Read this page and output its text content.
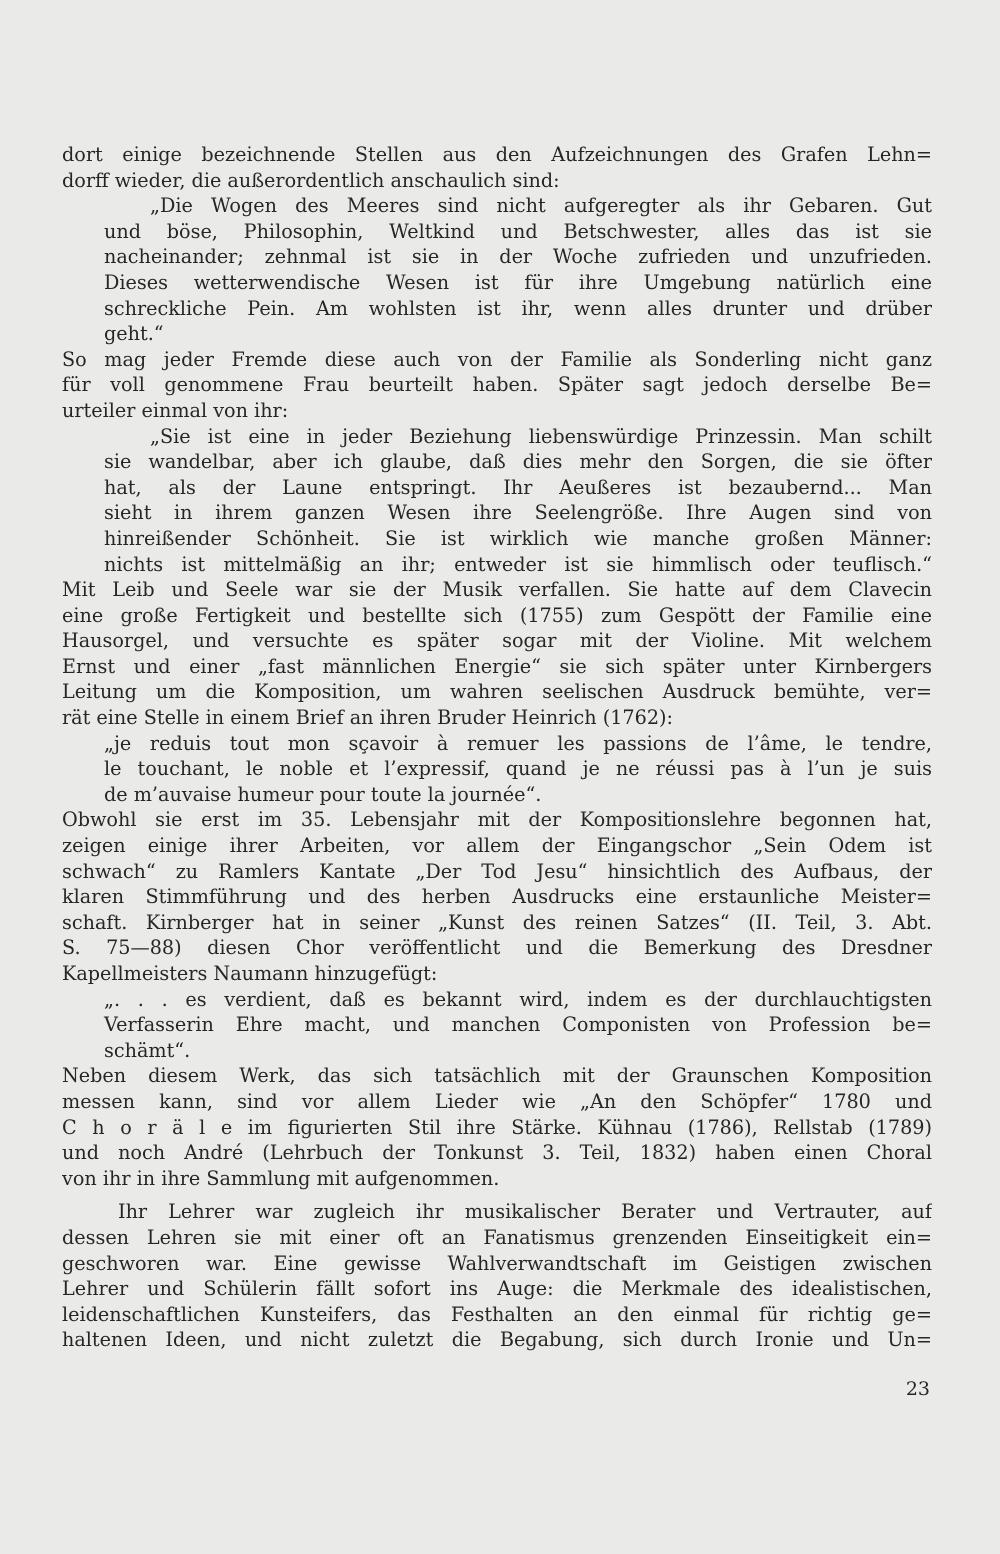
dort einige bezeichnende Stellen aus den Aufzeichnungen des Grafen Lehn=
dorff wieder, die außerordentlich anschaulich sind:
„Die Wogen des Meeres sind nicht aufgeregter als ihr Gebaren. Gut
und böse, Philosophin, Weltkind und Betschwester, alles das ist sie
nacheinander; zehnmal ist sie in der Woche zufrieden und unzufrieden.
Dieses wetterwendische Wesen ist für ihre Umgebung natürlich eine
schreckliche Pein. Am wohlsten ist ihr, wenn alles drunter und drüber
geht.“
So mag jeder Fremde diese auch von der Familie als Sonderling nicht ganz
für voll genommene Frau beurteilt haben. Später sagt jedoch derselbe Be=
urteiler einmal von ihr:
„Sie ist eine in jeder Beziehung liebenswürdige Prinzessin. Man schilt
sie wandelbar, aber ich glaube, daß dies mehr den Sorgen, die sie öfter
hat, als der Laune entspringt. Ihr Aeußeres ist bezaubernd... Man
sieht in ihrem ganzen Wesen ihre Seelengröße. Ihre Augen sind von
hinreißender Schönheit. Sie ist wirklich wie manche großen Männer:
nichts ist mittelmäßig an ihr; entweder ist sie himmlisch oder teuflisch.“
Mit Leib und Seele war sie der Musik verfallen. Sie hatte auf dem Clavecin
eine große Fertigkeit und bestellte sich (1755) zum Gespött der Familie eine
Hausorgel, und versuchte es später sogar mit der Violine. Mit welchem
Ernst und einer „fast männlichen Energie“ sie sich später unter Kirnbergers
Leitung um die Komposition, um wahren seelischen Ausdruck bemühte, ver=
rät eine Stelle in einem Brief an ihren Bruder Heinrich (1762):
„je reduis tout mon sçavoir à remuer les passions de l’âme, le tendre,
le touchant, le noble et l’expressif, quand je ne réussi pas à l’un je suis
de m’auvaise humeur pour toute la journée“.
Obwohl sie erst im 35. Lebensjahr mit der Kompositionslehre begonnen hat,
zeigen einige ihrer Arbeiten, vor allem der Eingangschor „Sein Odem ist
schwach“ zu Ramlers Kantate „Der Tod Jesu“ hinsichtlich des Aufbaus, der
klaren Stimmführung und des herben Ausdrucks eine erstaunliche Meister=
schaft. Kirnberger hat in seiner „Kunst des reinen Satzes“ (II. Teil, 3. Abt.
S. 75—88) diesen Chor veröffentlicht und die Bemerkung des Dresdner
Kapellmeisters Naumann hinzugefügt:
„. . . es verdient, daß es bekannt wird, indem es der durchlauchtigsten
Verfasserin Ehre macht, und manchen Componisten von Profession be=
schämt“.
Neben diesem Werk, das sich tatsächlich mit der Graunschen Komposition
messen kann, sind vor allem Lieder wie „An den Schöpfer“ 1780 und
C h o r ä l e im figurierten Stil ihre Stärke. Kühnau (1786), Rellstab (1789)
und noch André (Lehrbuch der Tonkunst 3. Teil, 1832) haben einen Choral
von ihr in ihre Sammlung mit aufgenommen.
Ihr Lehrer war zugleich ihr musikalischer Berater und Vertrauter, auf
dessen Lehren sie mit einer oft an Fanatismus grenzenden Einseitigkeit ein=
geschworen war. Eine gewisse Wahlverwandtschaft im Geistigen zwischen
Lehrer und Schülerin fällt sofort ins Auge: die Merkmale des idealistischen,
leidenschaftlichen Kunsteifers, das Festhalten an den einmal für richtig ge=
haltenen Ideen, und nicht zuletzt die Begabung, sich durch Ironie und Un=
23
